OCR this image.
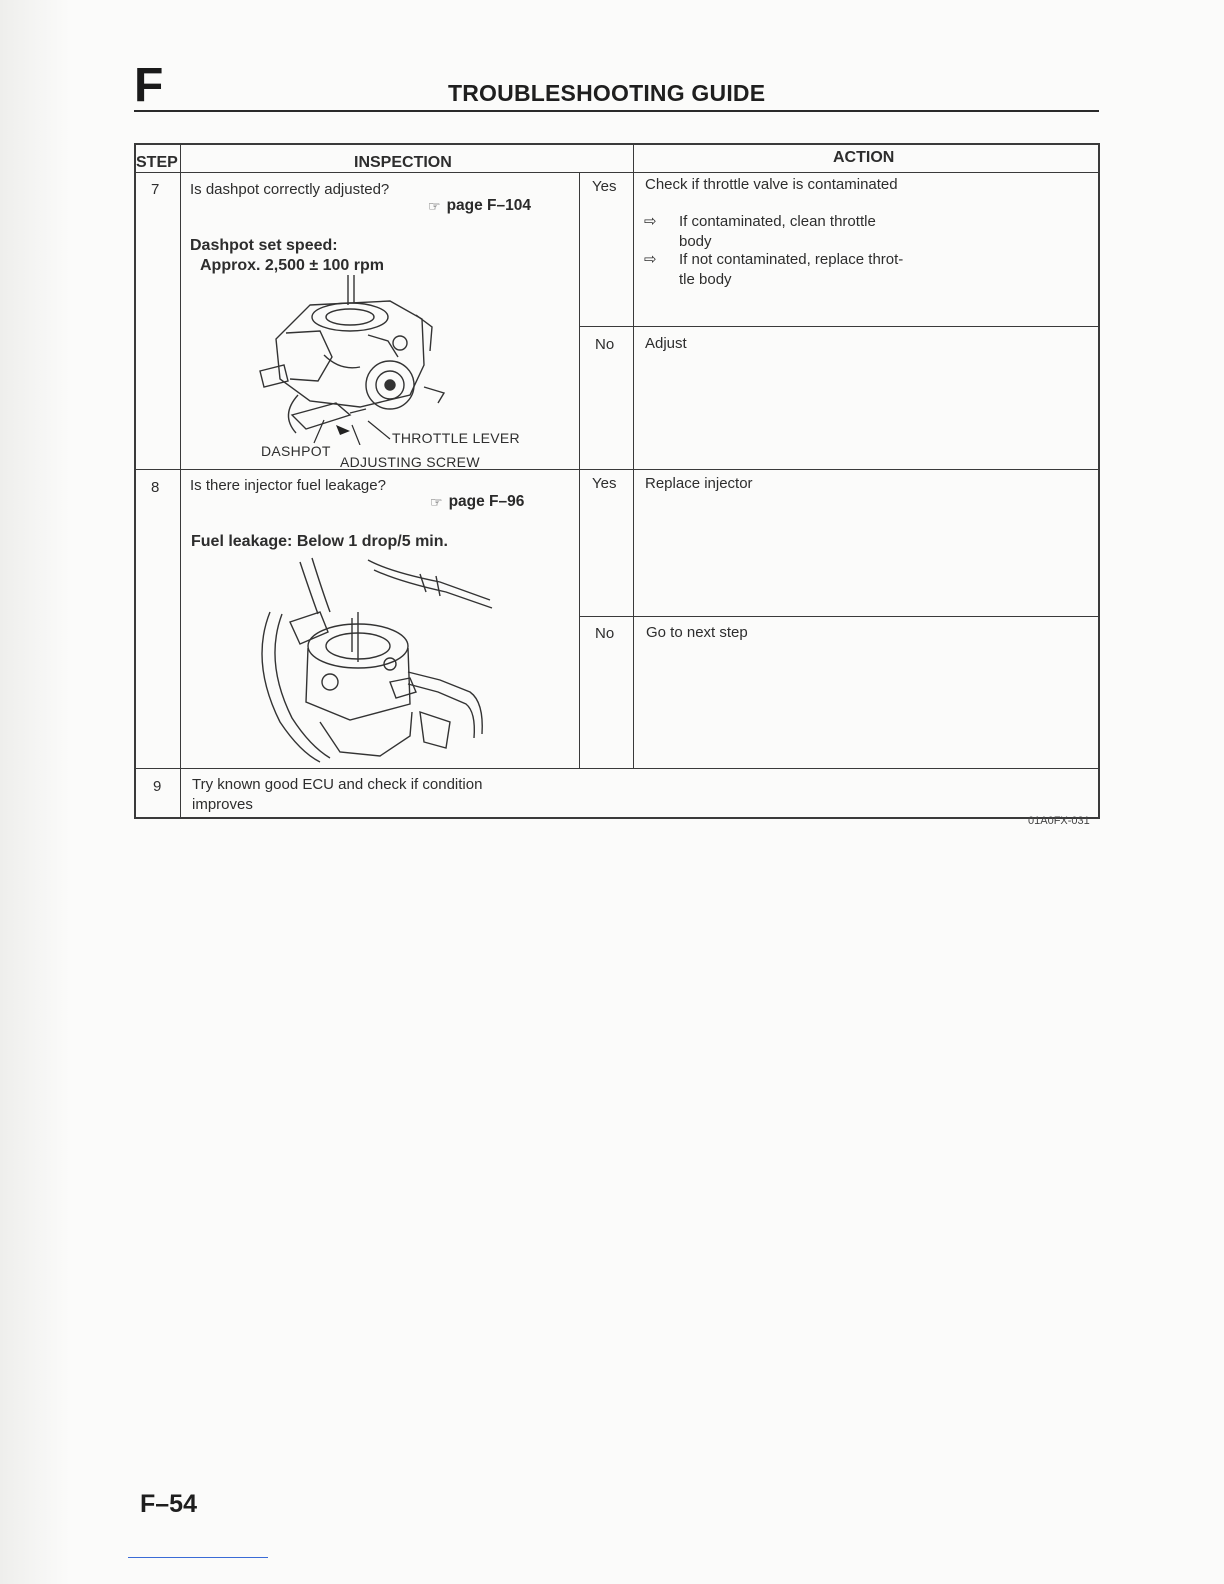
F	TROUBLESHOOTING GUIDE
STEP	INSPECTION	ACTION
7 Is dashpot correctly adjusted?
☞ page F–104
Dashpot set speed:
Approx. 2,500 ± 100 rpm
DASHPOT
THROTTLE LEVER
ADJUSTING SCREW
Yes Check if throttle valve is contaminated
⇨ If contaminated, clean throttle
body
⇨ If not contaminated, replace throt-
tle body
No Adjust
8 Is there injector fuel leakage?
☞ page F–96
Fuel leakage: Below 1 drop/5 min.
Yes Replace injector
No Go to next step
9 Try known good ECU and check if condition
improves
01A0FX-031
F–54
